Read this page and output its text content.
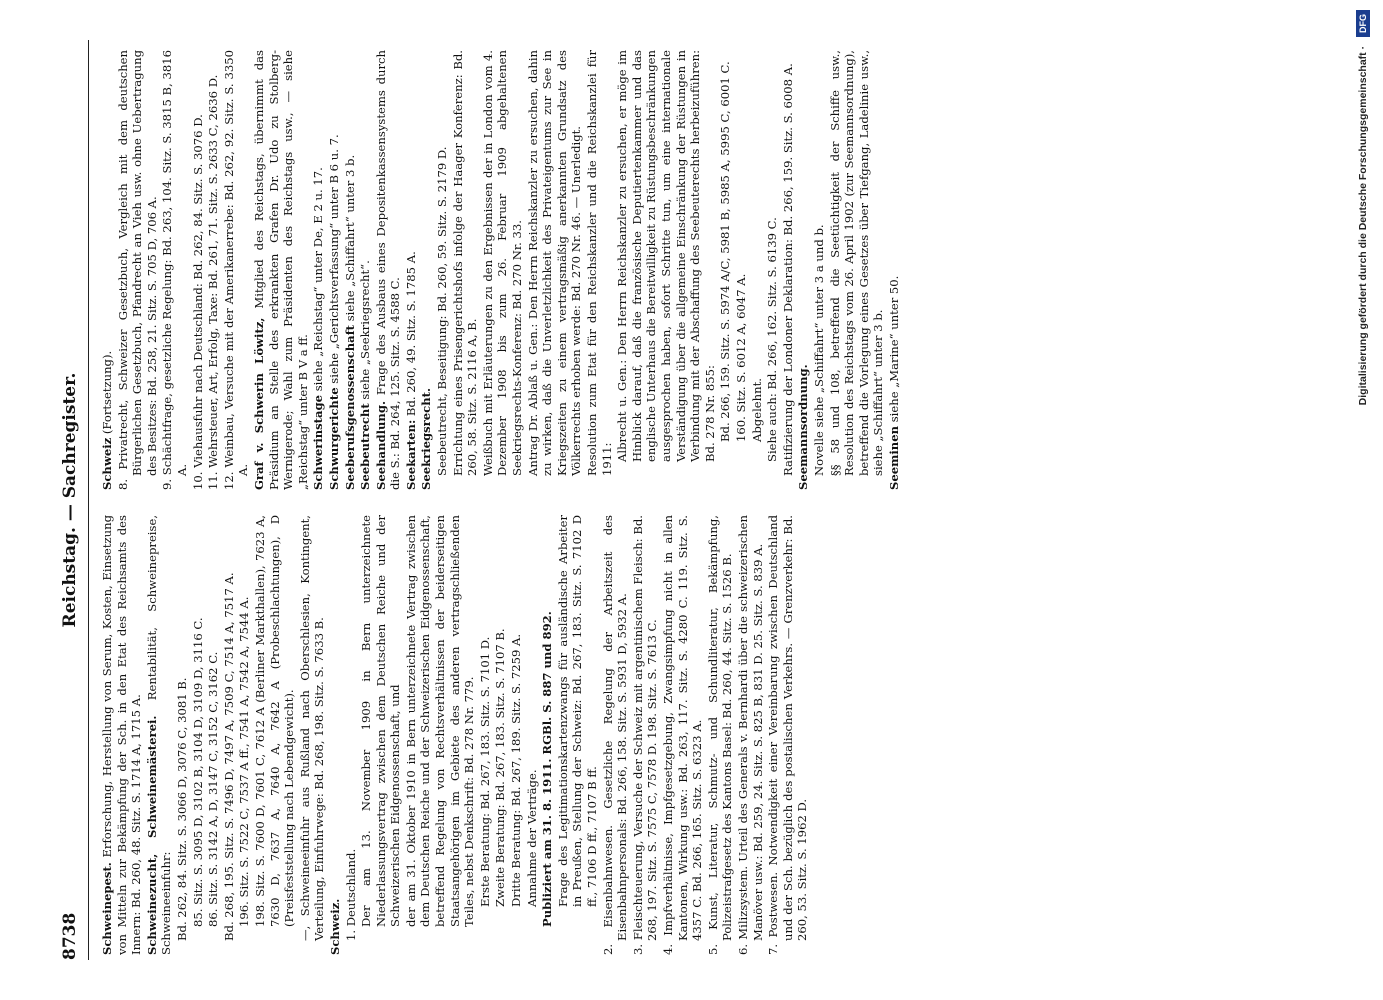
8738
Reichstag. — Sachregister.
Schweinepest. Erforschung, Herstellung von Serum, Kosten, Einsetzung von Mitteln zur Bekämpfung der Sch. in den Etat des Reichsamts des Innern: Bd. 260, 48. Sitz. S. 1714 A, 1715 A. Schweinezucht, Schweinemästerei. Rentabilität, Schweinepreise, Schweineeinfuhr: Bd. 262, 84. Sitz. S. 3066 D, 3076 C, 3081 B. 85. Sitz. S. 3095 D, 3102 B, 3104 D, 3109 D, 3116 C. 86. Sitz. S. 3142 A, D, 3147 C, 3152 C, 3162 C. Bd. 268, 195. Sitz. S. 7496 D, 7497 A, 7509 C, 7514 A, 7517 A. 196. Sitz. S. 7522 C, 7537 A ff., 7541 A, 7542 A, 7544 A. 198. Sitz. S. 7600 D, 7601 C, 7612 A (Berliner Markthallen), 7623 A, 7630 D, 7637 A, 7640 A, 7642 A (Probeschlachtungen), D (Preisfeststellung nach Lebendgewicht). —, Schweineeinfuhr aus Rußland nach Oberschlesien, Kontingent, Verteilung, Einfuhrwege: Bd. 268, 198. Sitz. S. 7633 B. Schweiz. 1. Deutschland. Der am 13. November 1909 in Bern unterzeichnete Niederlassungsvertrag zwischen dem Deutschen Reiche und der Schweizerischen Eidgenossenschaft, und der am 31. Oktober 1910 in Bern unterzeichnete Vertrag zwischen dem Deutschen Reiche und der Schweizerischen Eidgenossenschaft, betreffend Regelung von Rechtsverhältnissen der beiderseitigen Staatsangehörigen im Gebiete des anderen vertragschließenden Teiles, nebst Denkschrift: Bd. 278 Nr. 779. Erste Beratung: Bd. 267, 183. Sitz. S. 7101 D. Zweite Beratung: Bd. 267, 183. Sitz. S. 7107 B. Dritte Beratung: Bd. 267, 189. Sitz. S. 7259 A. Annahme der Verträge. Publiziert am 31. 8. 1911. RGBl. S. 887 und 892. Frage des Legitimationskartenzwangs für ausländische Arbeiter in Preußen, Stellung der Schweiz: Bd. 267, 183. Sitz. S. 7102 D ff., 7106 D ff., 7107 B ff. 2. Eisenbahnwesen. Gesetzliche Regelung der Arbeitszeit des Eisenbahnpersonals: Bd. 266, 158. Sitz. S. 5931 D, 5932 A. 3. Fleischteuerung, Versuche der Schweiz mit argentinischem Fleisch: Bd. 268, 197. Sitz. S. 7575 C, 7578 D. 198. Sitz. S. 7613 C. 4. Impfverhältnisse, Impfgesetzgebung, Zwangsimpfung nicht in allen Kantonen, Wirkung usw.: Bd. 263, 117. Sitz. S. 4280 C. 119. Sitz. S. 4357 C. Bd. 266, 165. Sitz. S. 6323 A. 5. Kunst, Literatur, Schmutz- und Schundliteratur, Bekämpfung, Polizeistrafgesetz des Kantons Basel: Bd. 260, 44. Sitz. S. 1526 B. 6. Milizsystem. Urteil des Generals v. Bernhardi über die schweizerischen Manöver usw.: Bd. 259, 24. Sitz. S. 825 B, 831 D. 25. Sitz. S. 839 A. 7. Postwesen. Notwendigkeit einer Vereinbarung zwischen Deutschland und der Sch. bezüglich des postalischen Verkehrs. — Grenzverkehr: Bd. 260, 53. Sitz. S. 1962 D.
Schweiz (Fortsetzung). 8. Privatrecht, Schweizer Gesetzbuch, Vergleich mit dem deutschen Bürgerlichen Gesetzbuch, Pfandrecht an Vieh usw. ohne Uebertragung des Besitzes: Bd. 258, 21. Sitz. S. 705 D, 706 A. 9. Schächtfrage, gesetzliche Regelung: Bd. 263, 104. Sitz. S. 3815 B, 3816 A. 10. Viehausfuhr nach Deutschland: Bd. 262, 84. Sitz. S. 3076 D. 11. Wehrsteuer, Art, Erfolg, Taxe: Bd. 261, 71. Sitz. S. 2633 C, 2636 D. 12. Weinbau, Versuche mit der Amerikanerrebe: Bd. 262, 92. Sitz. S. 3350 A. Graf v. Schwerin Löwitz, Mitglied des Reichstags, übernimmt das Präsidium an Stelle des erkrankten Grafen Dr. Udo zu Stolberg-Wernigerode; Wahl zum Präsidenten des Reichstags usw., — siehe „Reichstag“ unter B V a ff. Schwerinstage siehe „Reichstag“ unter De, E 2 u. 17.
Schwurgerichte siehe „Gerichtsverfassung“ unter B 6 u. 7.
Seeberufsgenossenschaft siehe „Schiffahrt“ unter 3 b.
Seebeutrecht siehe „Seekriegsrecht“.
Seehandlung. Frage des Ausbaus eines Depositenkassensystems durch die S.: Bd. 264, 125. Sitz. S. 4588 C. Seekarten: Bd. 260, 49. Sitz. S. 1785 A.
Seekriegsrecht. Seebeutrecht, Beseitigung: Bd. 260, 59. Sitz. S. 2179 D. Errichtung eines Prisengerichtshofs infolge der Haager Konferenz: Bd. 260, 58. Sitz. S. 2116 A, B. Weißbuch mit Erläuterungen zu den Ergebnissen der in London vom 4. Dezember 1908 bis zum 26. Februar 1909 abgehaltenen Seekriegsrechts-Konferenz: Bd. 270 Nr. 33. Antrag Dr. Ablaß u. Gen.: Den Herrn Reichskanzler zu ersuchen, dahin zu wirken, daß die Unverletzlichkeit des Privateigentums zur See in Kriegszeiten zu einem vertragsmäßig anerkannten Grundsatz des Völkerrechts erhoben werde: Bd. 270 Nr. 46. — Unerledigt. Resolution zum Etat für den Reichskanzler und die Reichskanzlei für 1911: Albrecht u. Gen.: Den Herrn Reichskanzler zu ersuchen, er möge im Hinblick darauf, daß die französische Deputiertenkammer und das englische Unterhaus die Bereitwilligkeit zu Rüstungsbeschränkungen ausgesprochen haben, sofort Schritte tun, um eine internationale Verständigung über die allgemeine Einschränkung der Rüstungen in Verbindung mit der Abschaffung des Seebeuterechts herbeizuführen: Bd. 278 Nr. 855: Bd. 266, 159. Sitz. S. 5974 A/C, 5981 B, 5985 A, 5995 C, 6001 C. 160. Sitz. S. 6012 A, 6047 A. Abgelehnt. Siehe auch: Bd. 266, 162. Sitz. S. 6139 C. Ratifizierung der Londoner Deklaration: Bd. 266, 159. Sitz. S. 6008 A. Seemannsordnung. Novelle siehe „Schiffahrt“ unter 3 a und b. §§ 58 und 108, betreffend die Seetüchtigkeit der Schiffe usw., Resolution des Reichstags vom 26. April 1902 (zur Seemannsordnung), betreffend die Vorlegung eines Gesetzes über Tiefgang, Ladelinie usw., siehe „Schiffahrt“ unter 3 b. Seeminen siehe „Marine“ unter 50.	Digitalisierung gefördert durch die Deutsche Forschungsgemeinschaft · DFG
